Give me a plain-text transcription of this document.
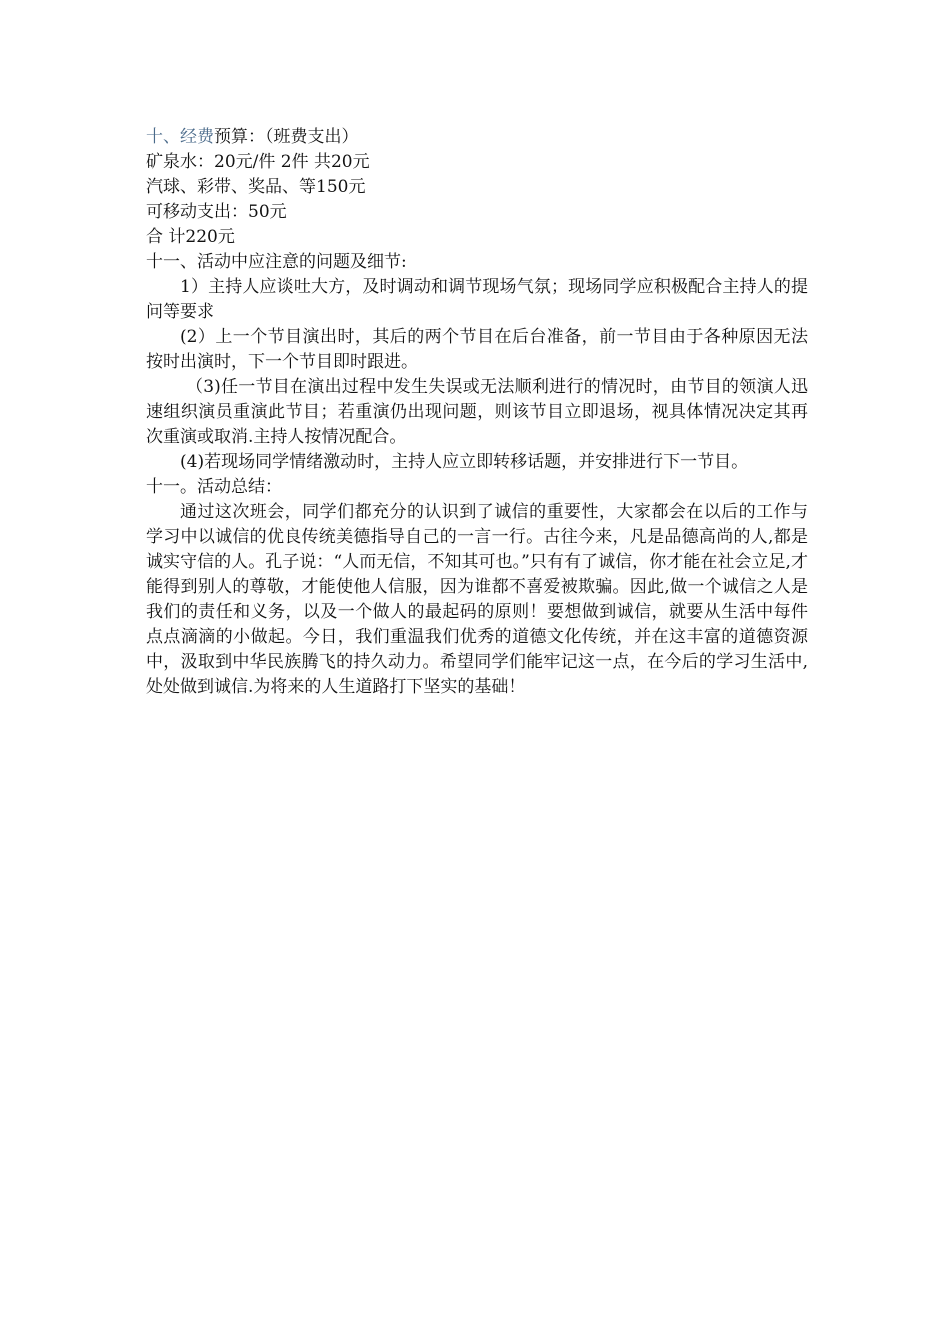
十、经费预算：（班费支出）

矿泉水：20元/件 2件 共20元

汽球、彩带、奖品、等150元

可移动支出：50元

合 计220元

十一、活动中应注意的问题及细节:

1）主持人应谈吐大方，及时调动和调节现场气氛；现场同学应积极配合主持人的提问等要求

(2）上一个节目演出时，其后的两个节目在后台准备，前一节目由于各种原因无法按时出演时，下一个节目即时跟进。

（3)任一节目在演出过程中发生失误或无法顺利进行的情况时，由节目的领演人迅速组织演员重演此节目；若重演仍出现问题，则该节目立即退场，视具体情况决定其再次重演或取消.主持人按情况配合。

(4)若现场同学情绪激动时，主持人应立即转移话题，并安排进行下一节目。

十一。活动总结：

通过这次班会，同学们都充分的认识到了诚信的重要性，大家都会在以后的工作与学习中以诚信的优良传统美德指导自己的一言一行。古往今来，凡是品德高尚的人,都是诚实守信的人。孔子说：“人而无信，不知其可也。”只有有了诚信，你才能在社会立足,才能得到别人的尊敬，才能使他人信服，因为谁都不喜爱被欺骗。因此,做一个诚信之人是我们的责任和义务，以及一个做人的最起码的原则！要想做到诚信，就要从生活中每件点点滴滴的小做起。今日，我们重温我们优秀的道德文化传统，并在这丰富的道德资源中，汲取到中华民族腾飞的持久动力。希望同学们能牢记这一点，在今后的学习生活中,处处做到诚信.为将来的人生道路打下坚实的基础！
